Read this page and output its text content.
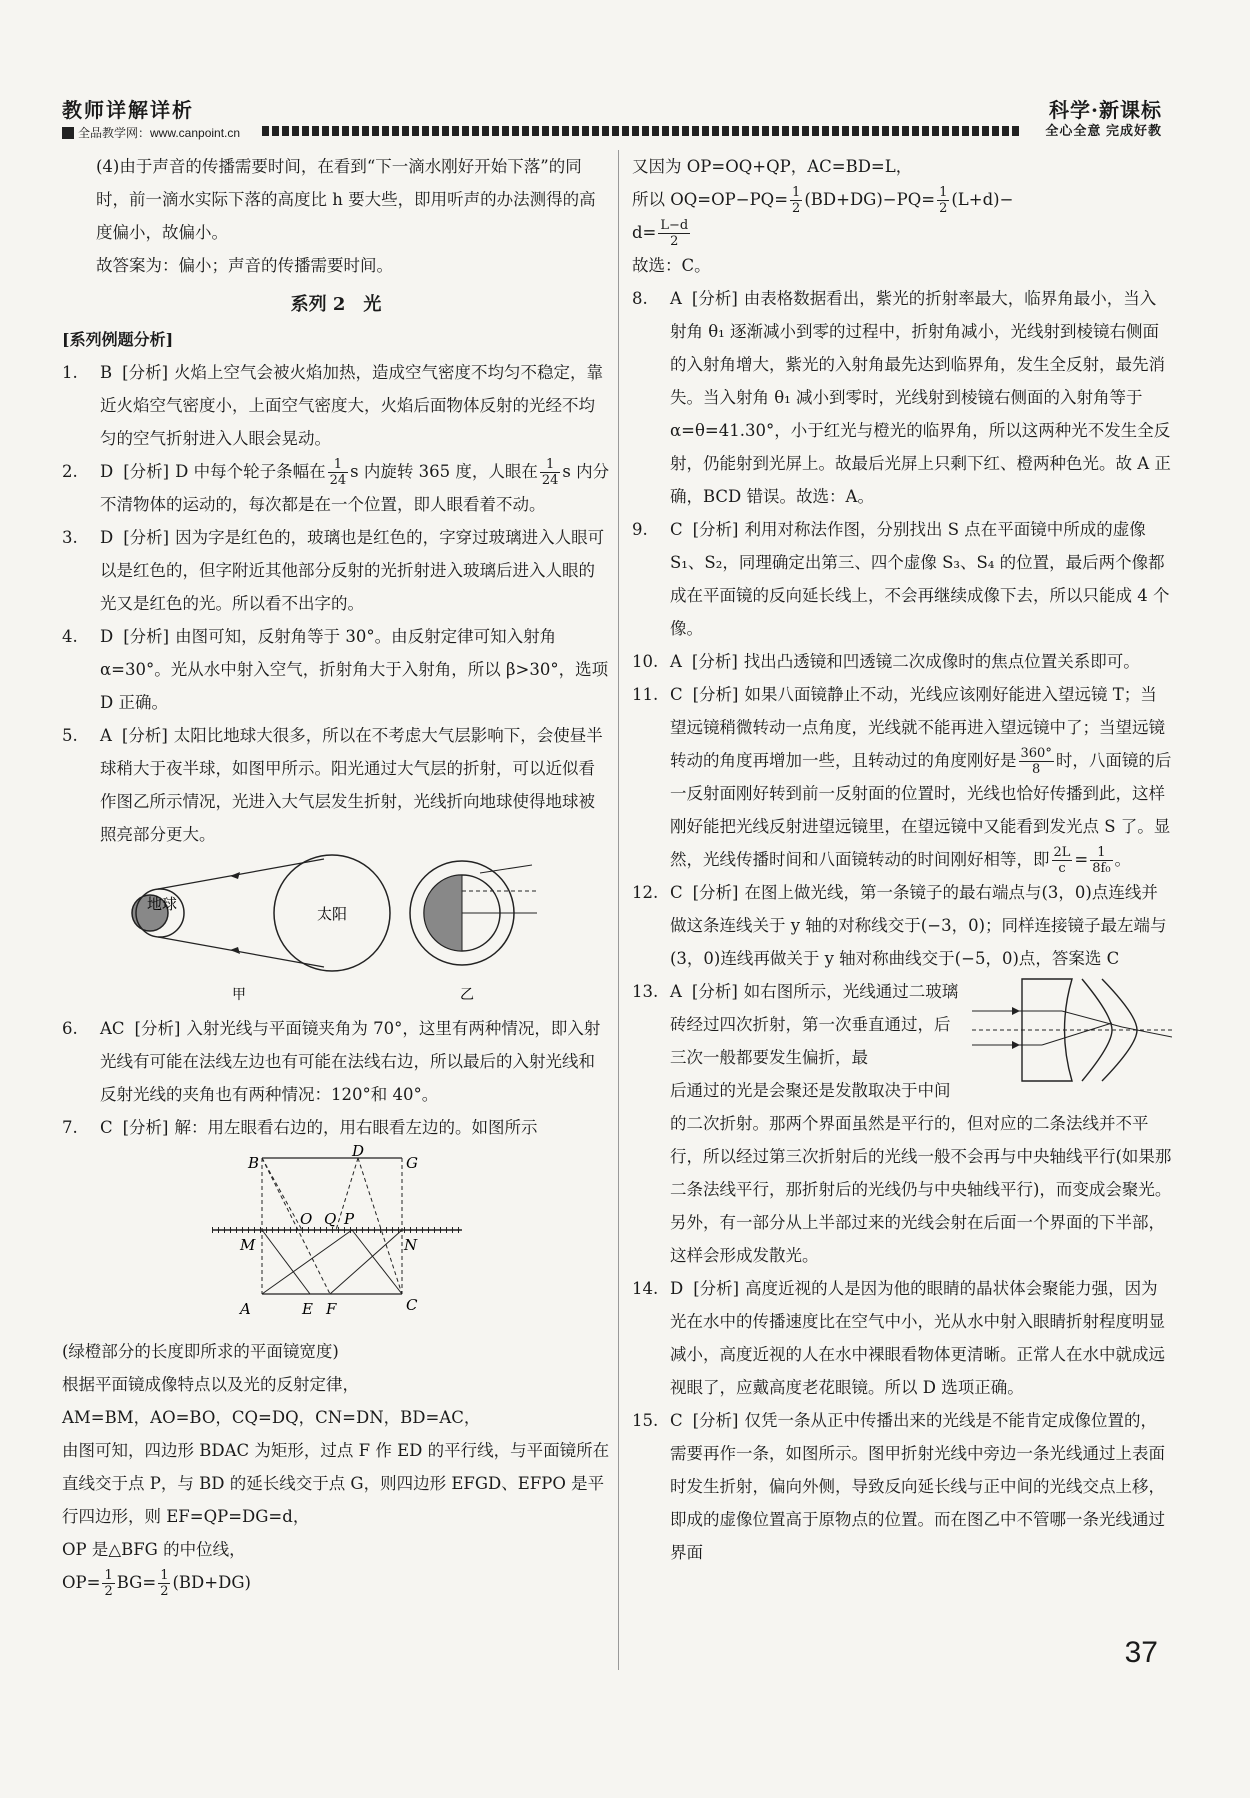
教师详解详析	科学·新课标
全品教学网：www.canpoint.cn	全心全意 完成好教

(4)由于声音的传播需要时间，在看到“下一滴水刚好开始下落”的同时，前一滴水实际下落的高度比 h 要大些，即用听声的办法测得的高度偏小，故偏小。

故答案为：偏小；声音的传播需要时间。

系列 2　光
[系列例题分析]
1. B [分析] 火焰上空气会被火焰加热，造成空气密度不均匀不稳定，靠近火焰空气密度小，上面空气密度大，火焰后面物体反射的光经不均匀的空气折射进入人眼会晃动。
2. D [分析] D 中每个轮子条幅在 $\frac{1}{24}$ s 内旋转 365 度，人眼在 $\frac{1}{24}$ s 内分不清物体的运动的，每次都是在一个位置，即人眼看着不动。
3. D [分析] 因为字是红色的，玻璃也是红色的，字穿过玻璃进入人眼可以是红色的，但字附近其他部分反射的光折射进入玻璃后进入人眼的光又是红色的光。所以看不出字的。
4. D [分析] 由图可知，反射角等于 30°。由反射定律可知入射角 α=30°。光从水中射入空气，折射角大于入射角，所以 β>30°，选项 D 正确。
5. A [分析] 太阳比地球大很多，所以在不考虑大气层影响下，会使昼半球稍大于夜半球，如图甲所示。阳光通过大气层的折射，可以近似看作图乙所示情况，光进入大气层发生折射，光线折向地球使得地球被照亮部分更大。
地球
太阳
甲	乙
6. AC [分析] 入射光线与平面镜夹角为 70°，这里有两种情况，即入射光线有可能在法线左边也有可能在法线右边，所以最后的入射光线和反射光线的夹角也有两种情况：120°和 40°。
7. C [分析] 解：用左眼看右边的，用右眼看左边的。如图所示
B
D
G
O Q P
M	N
A	E F	C

(绿橙部分的长度即所求的平面镜宽度)

根据平面镜成像特点以及光的反射定律，

AM=BM，AO=BO，CQ=DQ，CN=DN，BD=AC，

由图可知，四边形 BDAC 为矩形，过点 F 作 ED 的平行线，与平面镜所在直线交于点 P，与 BD 的延长线交于点 G，则四边形 EFGD、EFPO 是平行四边形，则 EF=QP=DG=d，

OP 是△BFG 的中位线，

$OP= \frac{1}{2} BG= \frac{1}{2} (BD+DG)$

又因为 OP=OQ+QP，AC=BD=L，

所以 $OQ=OP-PQ= \frac{1}{2} (BD+DG)-PQ= \frac{1}{2} (L+d)-$

$d= \frac{L-d}{2}$

故选：C。

8. A [分析] 由表格数据看出，紫光的折射率最大，临界角最小，当入射角 θ₁ 逐渐减小到零的过程中，折射角减小，光线射到棱镜右侧面的入射角增大，紫光的入射角最先达到临界角，发生全反射，最先消失。当入射角 θ₁ 减小到零时，光线射到棱镜右侧面的入射角等于 α=θ=41.30°，小于红光与橙光的临界角，所以这两种光不发生全反射，仍能射到光屏上。故最后光屏上只剩下红、橙两种色光。故 A 正确，BCD 错误。故选：A。
9. C [分析] 利用对称法作图，分别找出 S 点在平面镜中所成的虚像 S₁、S₂，同理确定出第三、四个虚像 S₃、S₄ 的位置，最后两个像都成在平面镜的反向延长线上，不会再继续成像下去，所以只能成 4 个像。
10. A [分析] 找出凸透镜和凹透镜二次成像时的焦点位置关系即可。
11. C [分析] 如果八面镜静止不动，光线应该刚好能进入望远镜 T；当望远镜稍微转动一点角度，光线就不能再进入望远镜中了；当望远镜转动的角度再增加一些，且转动过的角度刚好是 $\frac{360^\circ}{8}$ 时，八面镜的后一反射面刚好转到前一反射面的位置时，光线也恰好传播到此，这样刚好能把光线反射进望远镜里，在望远镜中又能看到发光点 S 了。显然，光线传播时间和八面镜转动的时间刚好相等，即 $\frac{2L}{c} = \frac{1}{\text{8f₀}}$ 。
12. C [分析] 在图上做光线，第一条镜子的最右端点与(3，0)点连线并做这条连线关于 y 轴的对称线交于(−3，0)；同样连接镜子最左端与(3，0)连线再做关于 y 轴对称曲线交于(−5，0)点，答案选 C
13. A [分析] 如右图所示，光线通过二玻璃砖经过四次折射，第一次垂直通过，后三次一般都要发生偏折，最
后通过的光是会聚还是发散取决于中间的二次折射。那两个界面虽然是平行的，但对应的二条法线并不平行，所以经过第三次折射后的光线一般不会再与中央轴线平行(如果那二条法线平行，那折射后的光线仍与中央轴线平行)，而变成会聚光。另外，有一部分从上半部过来的光线会射在后面一个界面的下半部，这样会形成发散光。
14. D [分析] 高度近视的人是因为他的眼睛的晶状体会聚能力强，因为光在水中的传播速度比在空气中小，光从水中射入眼睛折射程度明显减小，高度近视的人在水中裸眼看物体更清晰。正常人在水中就成远视眼了，应戴高度老花眼镜。所以 D 选项正确。
15. C [分析] 仅凭一条从正中传播出来的光线是不能肯定成像位置的，需要再作一条，如图所示。图甲折射光线中旁边一条光线通过上表面时发生折射，偏向外侧，导致反向延长线与正中间的光线交点上移，即成的虚像位置高于原物点的位置。而在图乙中不管哪一条光线通过界面
37
